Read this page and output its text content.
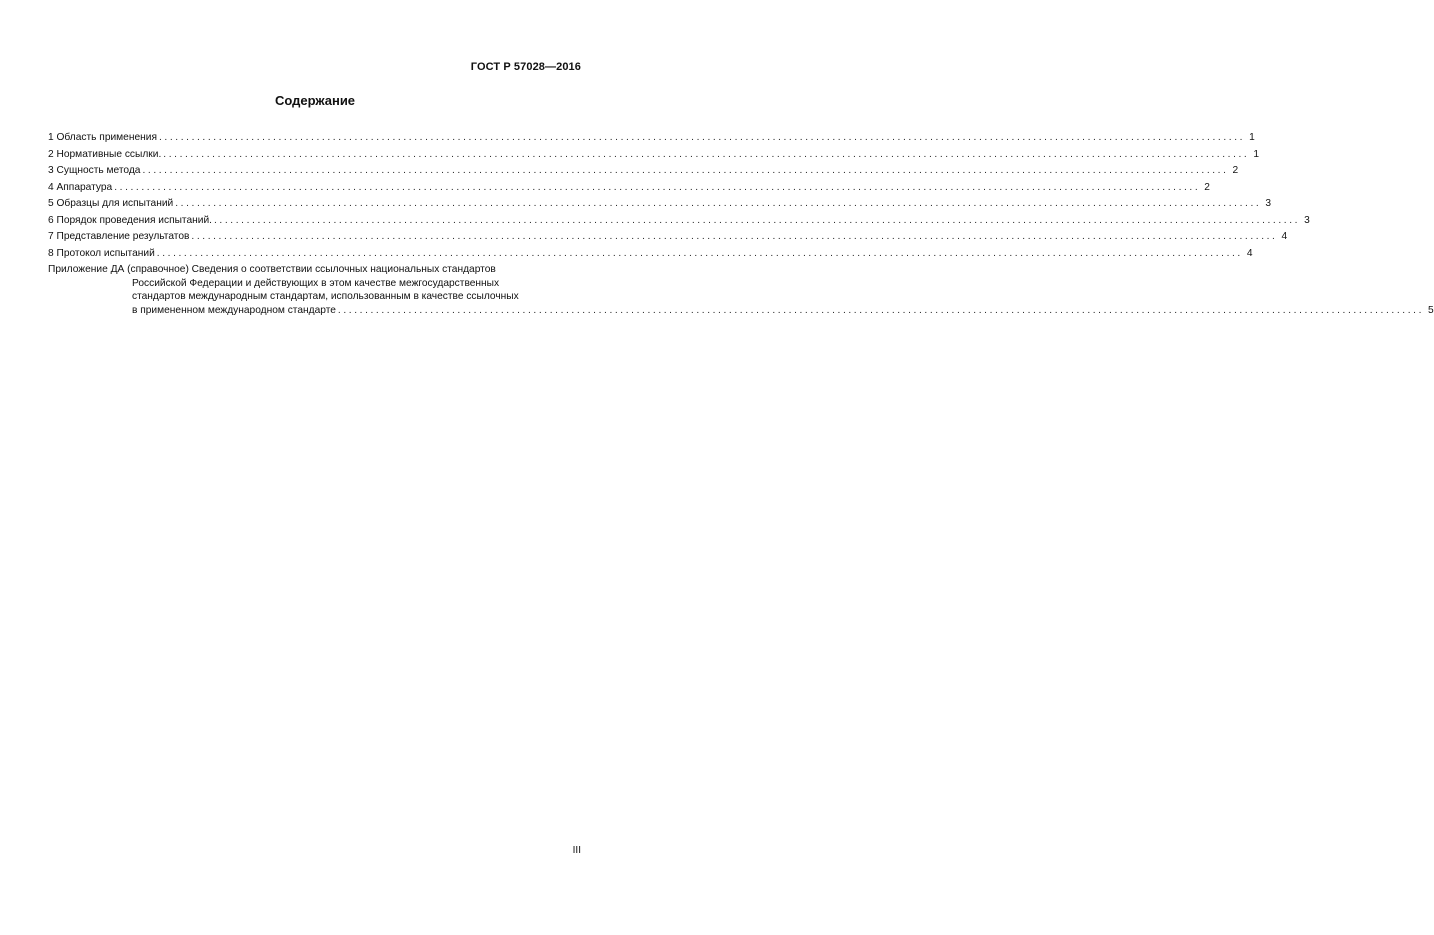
ГОСТ Р 57028—2016
Содержание
1 Область применения ........................................................................................................................................................................................................ 1
2 Нормативные ссылки. ........................................................................................................................................................................................................ 1
3 Сущность метода ........................................................................................................................................................................................................ 2
4 Аппаратура ........................................................................................................................................................................................................ 2
5 Образцы для испытаний ........................................................................................................................................................................................................ 3
6 Порядок проведения испытаний. ........................................................................................................................................................................................................ 3
7 Представление результатов ........................................................................................................................................................................................................ 4
8 Протокол испытаний ........................................................................................................................................................................................................ 4
Приложение ДА (справочное) Сведения о соответствии ссылочных национальных стандартов
Российской Федерации и действующих в этом качестве межгосударственных
стандартов международным стандартам, использованным в качестве ссылочных
в примененном международном стандарте ........................................................................................................................................................................................................ 5
III
